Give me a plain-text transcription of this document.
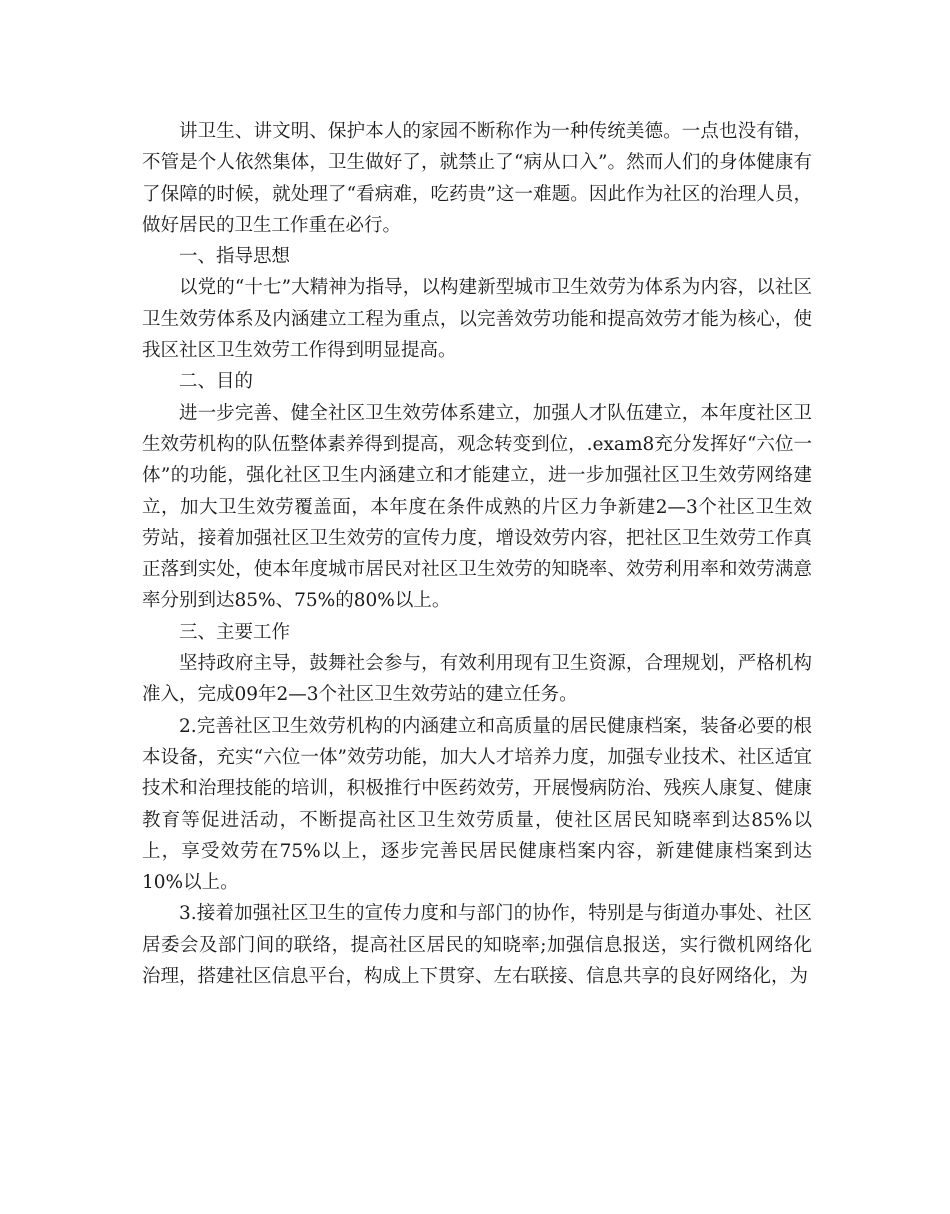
讲卫生、讲文明、保护本人的家园不断称作为一种传统美德。一点也没有错，不管是个人依然集体，卫生做好了，就禁止了“病从口入”。然而人们的身体健康有了保障的时候，就处理了“看病难，吃药贵”这一难题。因此作为社区的治理人员，做好居民的卫生工作重在必行。

一、指导思想

以党的“十七”大精神为指导，以构建新型城市卫生效劳为体系为内容，以社区卫生效劳体系及内涵建立工程为重点，以完善效劳功能和提高效劳才能为核心，使我区社区卫生效劳工作得到明显提高。

二、目的

进一步完善、健全社区卫生效劳体系建立，加强人才队伍建立，本年度社区卫生效劳机构的队伍整体素养得到提高，观念转变到位，.exam8充分发挥好“六位一体”的功能，强化社区卫生内涵建立和才能建立，进一步加强社区卫生效劳网络建立，加大卫生效劳覆盖面，本年度在条件成熟的片区力争新建2—3个社区卫生效劳站，接着加强社区卫生效劳的宣传力度，增设效劳内容，把社区卫生效劳工作真正落到实处，使本年度城市居民对社区卫生效劳的知晓率、效劳利用率和效劳满意率分别到达85%、75%的80%以上。

三、主要工作

坚持政府主导，鼓舞社会参与，有效利用现有卫生资源，合理规划，严格机构准入，完成09年2—3个社区卫生效劳站的建立任务。

2.完善社区卫生效劳机构的内涵建立和高质量的居民健康档案，装备必要的根本设备，充实“六位一体”效劳功能，加大人才培养力度，加强专业技术、社区适宜技术和治理技能的培训，积极推行中医药效劳，开展慢病防治、残疾人康复、健康教育等促进活动，不断提高社区卫生效劳质量，使社区居民知晓率到达85%以上，享受效劳在75%以上，逐步完善民居民健康档案内容，新建健康档案到达10%以上。

3.接着加强社区卫生的宣传力度和与部门的协作，特别是与街道办事处、社区居委会及部门间的联络，提高社区居民的知晓率;加强信息报送，实行微机网络化治理，搭建社区信息平台，构成上下贯穿、左右联接、信息共享的良好网络化，为
